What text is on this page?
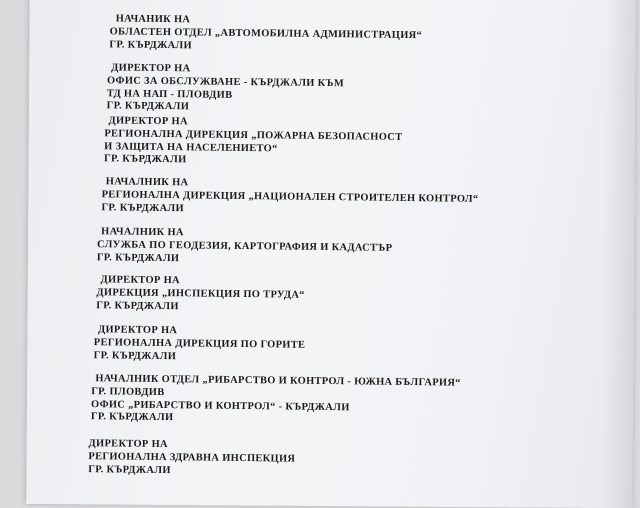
НАЧАНИК НА
ОБЛАСТЕН ОТДЕЛ „АВТОМОБИЛНА АДМИНИСТРАЦИЯ“
ГР. КЪРДЖАЛИ
ДИРЕКТОР НА
ОФИС ЗА ОБСЛУЖВАНЕ - КЪРДЖАЛИ КЪМ
ТД НА НАП - ПЛОВДИВ
ГР. КЪРДЖАЛИ
ДИРЕКТОР НА
РЕГИОНАЛНА ДИРЕКЦИЯ „ПОЖАРНА БЕЗОПАСНОСТ
И ЗАЩИТА НА НАСЕЛЕНИЕТО“
ГР. КЪРДЖАЛИ
НАЧАЛНИК НА
РЕГИОНАЛНА ДИРЕКЦИЯ „НАЦИОНАЛЕН СТРОИТЕЛЕН КОНТРОЛ“
ГР. КЪРДЖАЛИ
НАЧАЛНИК НА
СЛУЖБА ПО ГЕОДЕЗИЯ, КАРТОГРАФИЯ И КАДАСТЪР
ГР. КЪРДЖАЛИ
ДИРЕКТОР НА
ДИРЕКЦИЯ „ИНСПЕКЦИЯ ПО ТРУДА“
ГР. КЪРДЖАЛИ
ДИРЕКТОР НА
РЕГИОНАЛНА ДИРЕКЦИЯ ПО ГОРИТЕ
ГР. КЪРДЖАЛИ
НАЧАЛНИК ОТДЕЛ „РИБАРСТВО И КОНТРОЛ - ЮЖНА БЪЛГАРИЯ“
ГР. ПЛОВДИВ
ОФИС „РИБАРСТВО И КОНТРОЛ“ - КЪРДЖАЛИ
ГР. КЪРДЖАЛИ
ДИРЕКТОР НА
РЕГИОНАЛНА ЗДРАВНА ИНСПЕКЦИЯ
ГР. КЪРДЖАЛИ
